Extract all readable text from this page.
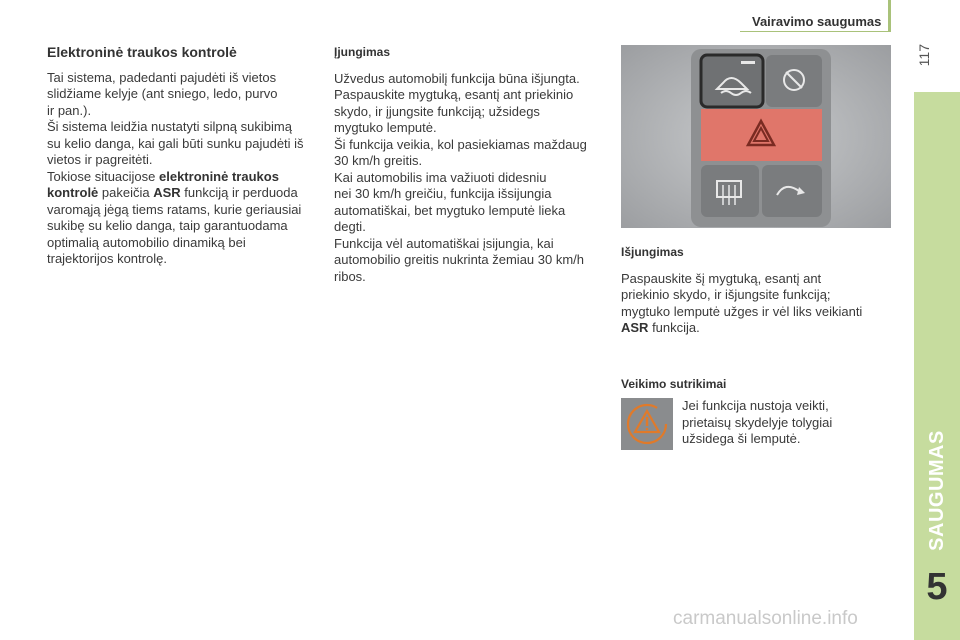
Vairavimo saugumas
117
SAUGUMAS
5

Elektroninė traukos kontrolė

Tai sistema, padedanti pajudėti iš vietos

slidžiame kelyje (ant sniego, ledo, purvo

ir pan.).

Ši sistema leidžia nustatyti silpną sukibimą

su kelio danga, kai gali būti sunku pajudėti iš

vietos ir pagreitėti.

Tokiose situacijose elektroninė traukos

kontrolė pakeičia ASR funkciją ir perduoda

varomąją jėgą tiems ratams, kurie geriausiai

sukibę su kelio danga, taip garantuodama

optimalią automobilio dinamiką bei

trajektorijos kontrolę.

Įjungimas

Užvedus automobilį funkcija būna išjungta.

Paspauskite mygtuką, esantį ant priekinio

skydo, ir įjungsite funkciją; užsidegs

mygtuko lemputė.

Ši funkcija veikia, kol pasiekiamas maždaug

30 km/h greitis.

Kai automobilis ima važiuoti didesniu

nei 30 km/h greičiu, funkcija išsijungia

automatiškai, bet mygtuko lemputė lieka

degti.

Funkcija vėl automatiškai įsijungia, kai

automobilio greitis nukrinta žemiau 30 km/h

ribos.

Išjungimas

Paspauskite šį mygtuką, esantį ant

priekinio skydo, ir išjungsite funkciją;

mygtuko lemputė užges ir vėl liks veikianti

ASR funkcija.

Veikimo sutrikimai

Jei funkcija nustoja veikti,

prietaisų skydelyje tolygiai

užsidega ši lemputė.

carmanualsonline.info
